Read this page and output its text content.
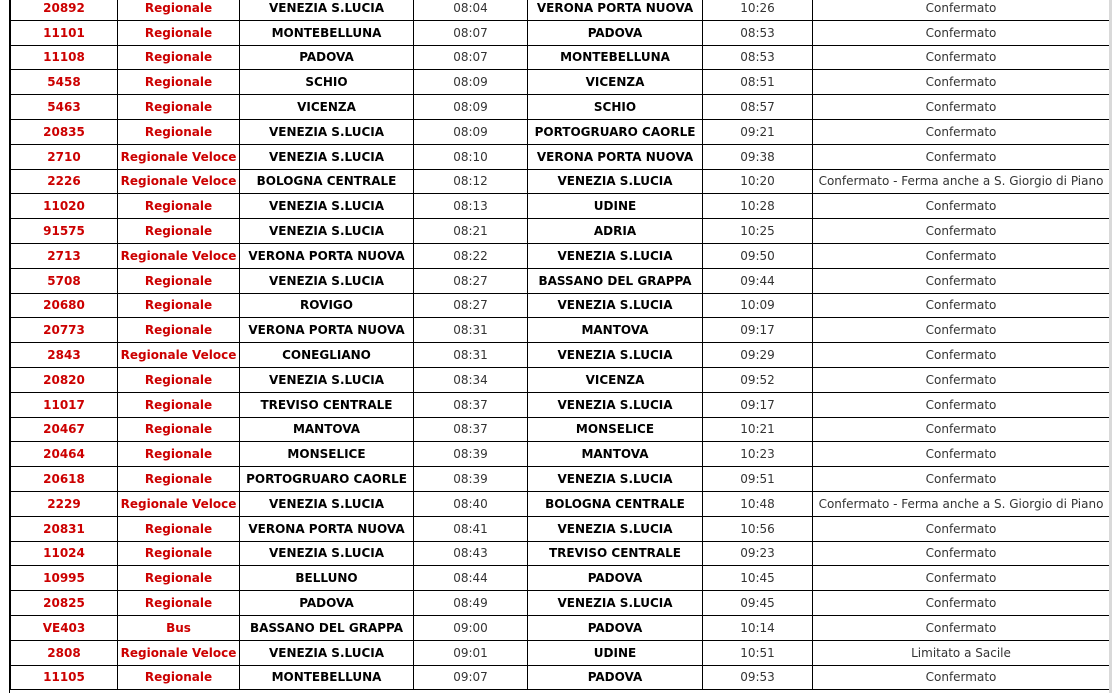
20892	Regionale	VENEZIA S.LUCIA	08:04	VERONA PORTA NUOVA	10:26	Confermato
11101	Regionale	MONTEBELLUNA	08:07	PADOVA	08:53	Confermato
11108	Regionale	PADOVA	08:07	MONTEBELLUNA	08:53	Confermato
5458	Regionale	SCHIO	08:09	VICENZA	08:51	Confermato
5463	Regionale	VICENZA	08:09	SCHIO	08:57	Confermato
20835	Regionale	VENEZIA S.LUCIA	08:09	PORTOGRUARO CAORLE	09:21	Confermato
2710	Regionale Veloce	VENEZIA S.LUCIA	08:10	VERONA PORTA NUOVA	09:38	Confermato
2226	Regionale Veloce	BOLOGNA CENTRALE	08:12	VENEZIA S.LUCIA	10:20	Confermato - Ferma anche a S. Giorgio di Piano
11020	Regionale	VENEZIA S.LUCIA	08:13	UDINE	10:28	Confermato
91575	Regionale	VENEZIA S.LUCIA	08:21	ADRIA	10:25	Confermato
2713	Regionale Veloce	VERONA PORTA NUOVA	08:22	VENEZIA S.LUCIA	09:50	Confermato
5708	Regionale	VENEZIA S.LUCIA	08:27	BASSANO DEL GRAPPA	09:44	Confermato
20680	Regionale	ROVIGO	08:27	VENEZIA S.LUCIA	10:09	Confermato
20773	Regionale	VERONA PORTA NUOVA	08:31	MANTOVA	09:17	Confermato
2843	Regionale Veloce	CONEGLIANO	08:31	VENEZIA S.LUCIA	09:29	Confermato
20820	Regionale	VENEZIA S.LUCIA	08:34	VICENZA	09:52	Confermato
11017	Regionale	TREVISO CENTRALE	08:37	VENEZIA S.LUCIA	09:17	Confermato
20467	Regionale	MANTOVA	08:37	MONSELICE	10:21	Confermato
20464	Regionale	MONSELICE	08:39	MANTOVA	10:23	Confermato
20618	Regionale	PORTOGRUARO CAORLE	08:39	VENEZIA S.LUCIA	09:51	Confermato
2229	Regionale Veloce	VENEZIA S.LUCIA	08:40	BOLOGNA CENTRALE	10:48	Confermato - Ferma anche a S. Giorgio di Piano
20831	Regionale	VERONA PORTA NUOVA	08:41	VENEZIA S.LUCIA	10:56	Confermato
11024	Regionale	VENEZIA S.LUCIA	08:43	TREVISO CENTRALE	09:23	Confermato
10995	Regionale	BELLUNO	08:44	PADOVA	10:45	Confermato
20825	Regionale	PADOVA	08:49	VENEZIA S.LUCIA	09:45	Confermato
VE403	Bus	BASSANO DEL GRAPPA	09:00	PADOVA	10:14	Confermato
2808	Regionale Veloce	VENEZIA S.LUCIA	09:01	UDINE	10:51	Limitato a Sacile
11105	Regionale	MONTEBELLUNA	09:07	PADOVA	09:53	Confermato
